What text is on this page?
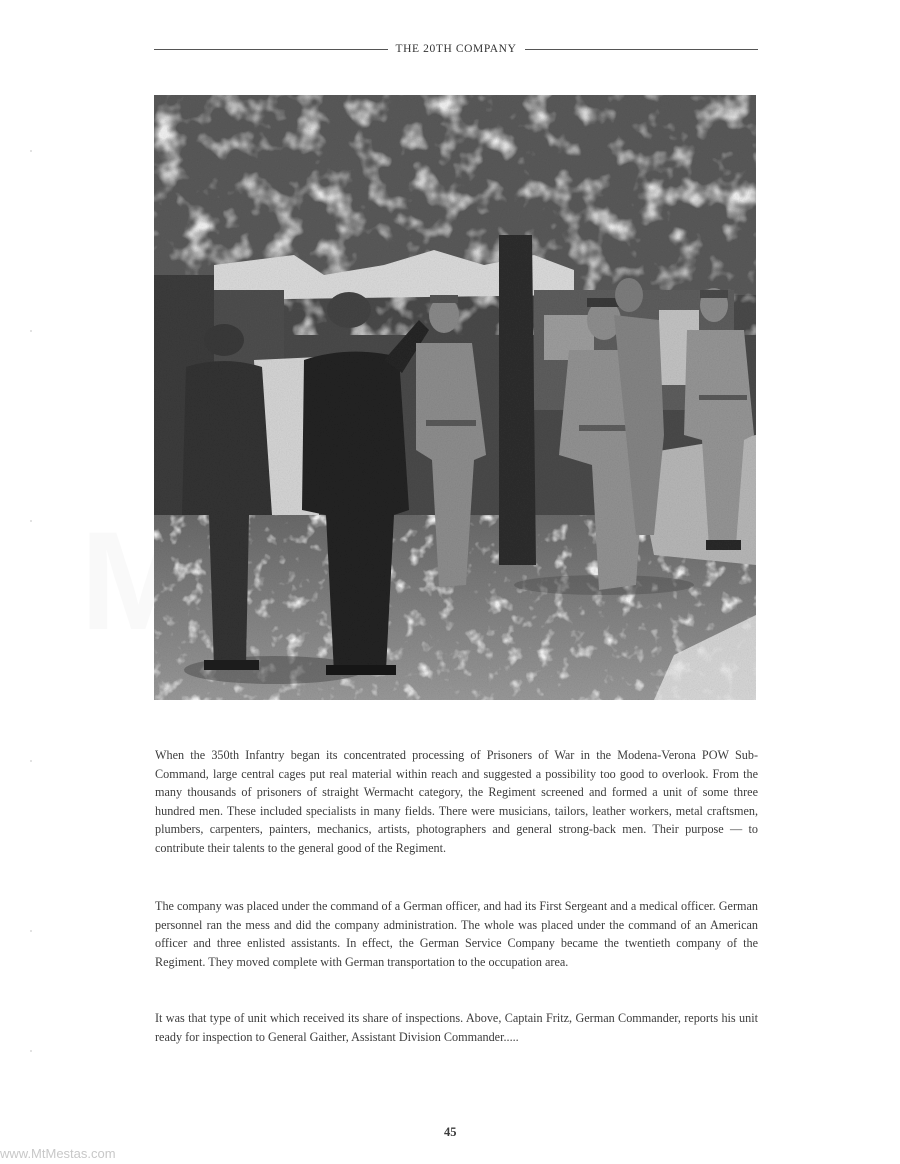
THE 20TH COMPANY
When the 350th Infantry began its concentrated processing of Prisoners of War in the Modena-Verona POW Sub-Command, large central cages put real material within reach and suggested a possibility too good to overlook. From the many thousands of prisoners of straight Wermacht category, the Regiment screened and formed a unit of some three hundred men. These included specialists in many fields. There were musicians, tailors, leather workers, metal craftsmen, plumbers, carpenters, painters, mechanics, artists, photographers and general strong-back men. Their purpose — to contribute their talents to the general good of the Regiment.
The company was placed under the command of a German officer, and had its First Sergeant and a medical officer. German personnel ran the mess and did the company administration. The whole was placed under the command of an American officer and three enlisted assistants. In effect, the German Service Company became the twentieth company of the Regiment. They moved complete with German transportation to the occupation area.
It was that type of unit which received its share of inspections. Above, Captain Fritz, German Commander, reports his unit ready for inspection to General Gaither, Assistant Division Commander.....
45
www.MtMestas.com
